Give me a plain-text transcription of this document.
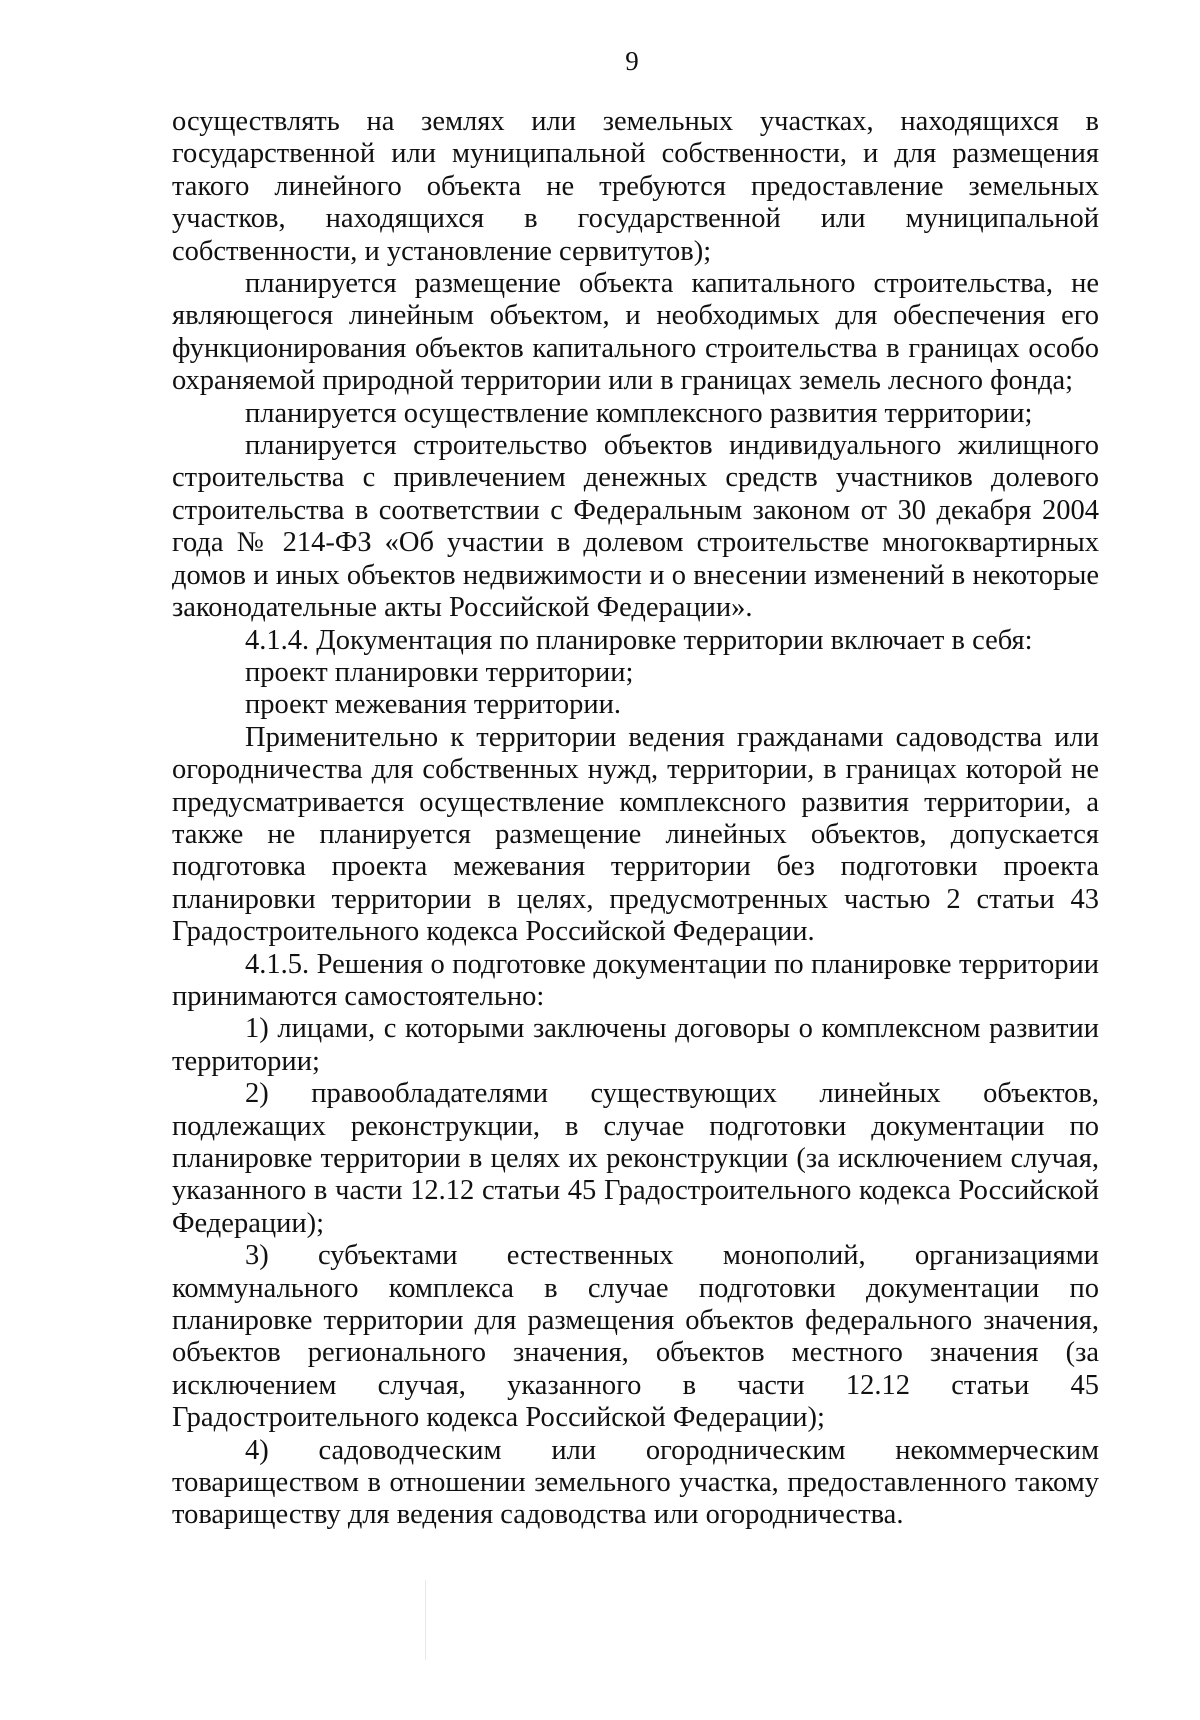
9

осуществлять на землях или земельных участках, находящихся в государственной или муниципальной собственности, и для размещения такого линейного объекта не требуются предоставление земельных участков, находящихся в государственной или муниципальной собственности, и установление сервитутов);

планируется размещение объекта капитального строительства, не являющегося линейным объектом, и необходимых для обеспечения его функционирования объектов капитального строительства в границах особо охраняемой природной территории или в границах земель лесного фонда;

планируется осуществление комплексного развития территории;

планируется строительство объектов индивидуального жилищного строительства с привлечением денежных средств участников долевого строительства в соответствии с Федеральным законом от 30 декабря 2004 года № 214-ФЗ «Об участии в долевом строительстве многоквартирных домов и иных объектов недвижимости и о внесении изменений в некоторые законодательные акты Российской Федерации».

4.1.4. Документация по планировке территории включает в себя:

проект планировки территории;

проект межевания территории.

Применительно к территории ведения гражданами садоводства или огородничества для собственных нужд, территории, в границах которой не предусматривается осуществление комплексного развития территории, а также не планируется размещение линейных объектов, допускается подготовка проекта межевания территории без подготовки проекта планировки территории в целях, предусмотренных частью 2 статьи 43 Градостроительного кодекса Российской Федерации.

4.1.5. Решения о подготовке документации по планировке территории принимаются самостоятельно:

1) лицами, с которыми заключены договоры о комплексном развитии территории;

2) правообладателями существующих линейных объектов, подлежащих реконструкции, в случае подготовки документации по планировке территории в целях их реконструкции (за исключением случая, указанного в части 12.12 статьи 45 Градостроительного кодекса Российской Федерации);

3) субъектами естественных монополий, организациями коммунального комплекса в случае подготовки документации по планировке территории для размещения объектов федерального значения, объектов регионального значения, объектов местного значения (за исключением случая, указанного в части 12.12 статьи 45 Градостроительного кодекса Российской Федерации);

4) садоводческим или огородническим некоммерческим товариществом в отношении земельного участка, предоставленного такому товариществу для ведения садоводства или огородничества.
